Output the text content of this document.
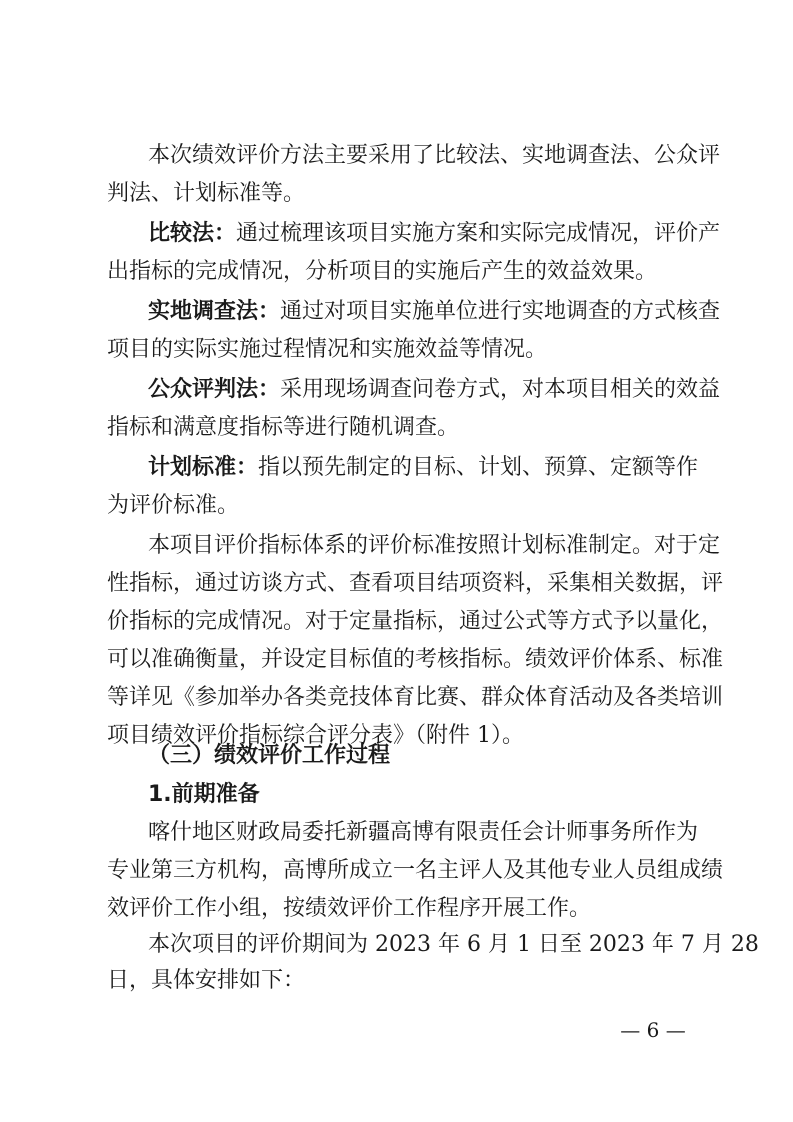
本次绩效评价方法主要采用了比较法、实地调查法、公众评
判法、计划标准等。
比较法：通过梳理该项目实施方案和实际完成情况，评价产
出指标的完成情况，分析项目的实施后产生的效益效果。
实地调查法：通过对项目实施单位进行实地调查的方式核查
项目的实际实施过程情况和实施效益等情况。
公众评判法：采用现场调查问卷方式，对本项目相关的效益
指标和满意度指标等进行随机调查。
计划标准：指以预先制定的目标、计划、预算、定额等作
为评价标准。
本项目评价指标体系的评价标准按照计划标准制定。对于定
性指标，通过访谈方式、查看项目结项资料，采集相关数据，评
价指标的完成情况。对于定量指标，通过公式等方式予以量化，
可以准确衡量，并设定目标值的考核指标。绩效评价体系、标准
等详见《参加举办各类竞技体育比赛、群众体育活动及各类培训
项目绩效评价指标综合评分表》（附件 1）。
（三）绩效评价工作过程
1.前期准备
喀什地区财政局委托新疆高博有限责任会计师事务所作为
专业第三方机构，高博所成立一名主评人及其他专业人员组成绩
效评价工作小组，按绩效评价工作程序开展工作。
本次项目的评价期间为 2023 年 6 月 1 日至 2023 年 7 月 28
日，具体安排如下：
— 6 —
